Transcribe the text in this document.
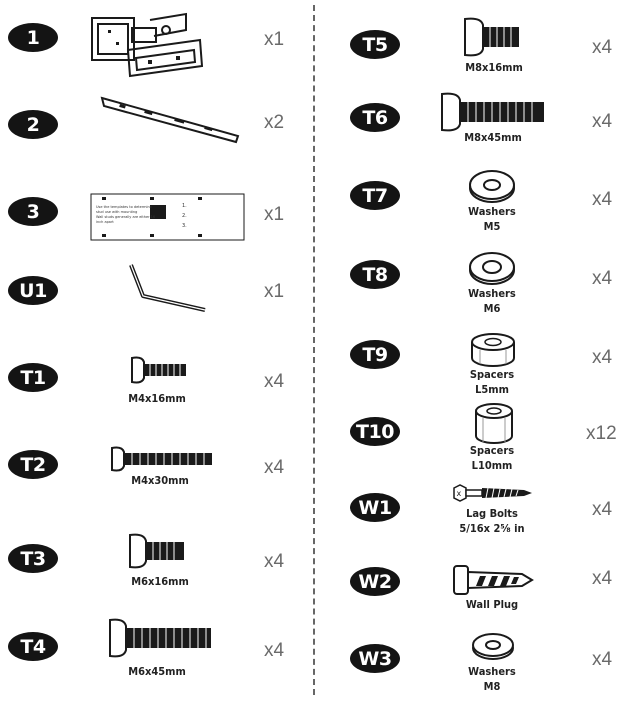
1	x1
2	x2
3	Use the templates to determine
stud use with mounting
Wall studs generally are either 16
inch apart
1.
2.
3.
x1
U1	x1
T1
M4x16mm
x4
T2
M4x30mm
x4
T3
M6x16mm
x4
T4
M6x45mm
x4
T5
M8x16mm
x4
T6
M8x45mm
x4
T7
Washers
M5
x4
T8
Washers
M6
x4
T9
Spacers
L5mm
x4
T10
Spacers
L10mm
x12
W1
x
Lag Bolts
5/16x 2⁵⁄₈ in
x4
W2
Wall Plug
x4
W3
Washers
M8
x4
